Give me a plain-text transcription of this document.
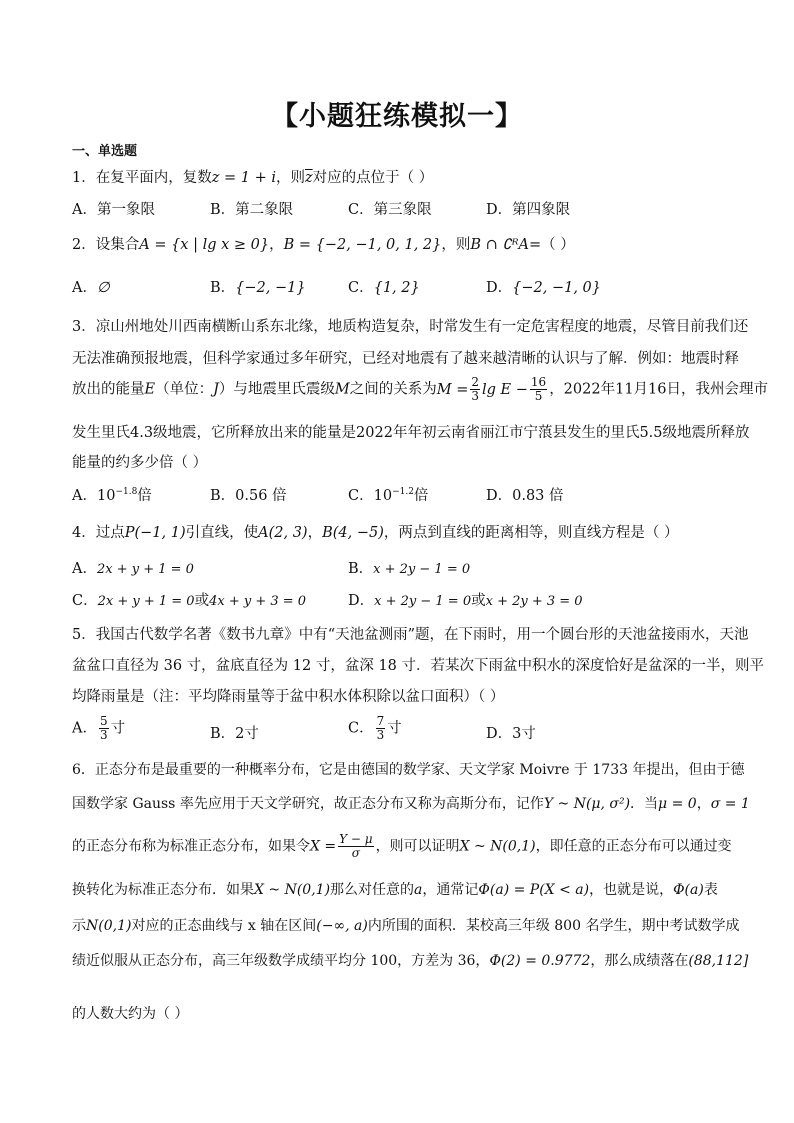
【小题狂练模拟一】
一、单选题
1．在复平面内，复数z = 1 + i，则$\overline{z}$对应的点位于（ ）
A．第一象限	B．第二象限	C．第三象限	D．第四象限
2．设集合A = {x | lg x ≥ 0}，B = {−2, −1, 0, 1, 2}，则B ∩ ∁ᴿA=（ ）
A．∅	B．{−2, −1}	C．{1, 2}	D．{−2, −1, 0}
3．凉山州地处川西南横断山系东北缘，地质构造复杂，时常发生有一定危害程度的地震，尽管目前我们还
无法准确预报地震，但科学家通过多年研究，已经对地震有了越来越清晰的认识与了解．例如：地震时释
放出的能量E（单位：J）与地震里氏震级M之间的关系为$M = \frac{2}{3}$ $\lg E - \frac{16}{5}$ ，2022年11月16日，我州会理市
发生里氏4.3级地震，它所释放出来的能量是2022年年初云南省丽江市宁蒗县发生的里氏5.5级地震所释放
能量的约多少倍（ ）
A．$10^{-1.8}$倍	B．0.56 倍	C．$10^{-1.2}$倍	D．0.83 倍
4．过点P(−1, 1)引直线，使A(2, 3)，B(4, −5)，两点到直线的距离相等，则直线方程是（ ）
A．2x + y + 1 = 0	B．x + 2y − 1 = 0
C．2x + y + 1 = 0或4x + y + 3 = 0	D．x + 2y − 1 = 0或x + 2y + 3 = 0
5．我国古代数学名著《数书九章》中有“天池盆测雨”题，在下雨时，用一个圆台形的天池盆接雨水，天池
盆盆口直径为 36 寸，盆底直径为 12 寸，盆深 18 寸．若某次下雨盆中积水的深度恰好是盆深的一半，则平
均降雨量是（注：平均降雨量等于盆中积水体积除以盆口面积）（ ）
A． $\frac{5}{3}$ 寸	B．2寸	C． $\frac{7}{3}$ 寸	D．3寸
6．正态分布是最重要的一种概率分布，它是由德国的数学家、天文学家 Moivre 于 1733 年提出，但由于德
国数学家 Gauss 率先应用于天文学研究，故正态分布又称为高斯分布，记作Y ~ N(μ, σ²)．当μ = 0，σ = 1
的正态分布称为标准正态分布，如果令$X = \frac{Y - \mu}{\sigma}$ ，则可以证明X ~ N(0,1)，即任意的正态分布可以通过变
换转化为标准正态分布．如果X ~ N(0,1)那么对任意的a，通常记Φ(a) = P(X < a)，也就是说，Φ(a)表
示N(0,1)对应的正态曲线与 x 轴在区间(−∞, a)内所围的面积．某校高三年级 800 名学生，期中考试数学成
绩近似服从正态分布，高三年级数学成绩平均分 100，方差为 36，Φ(2) = 0.9772，那么成绩落在(88,112]
的人数大约为（ ）
